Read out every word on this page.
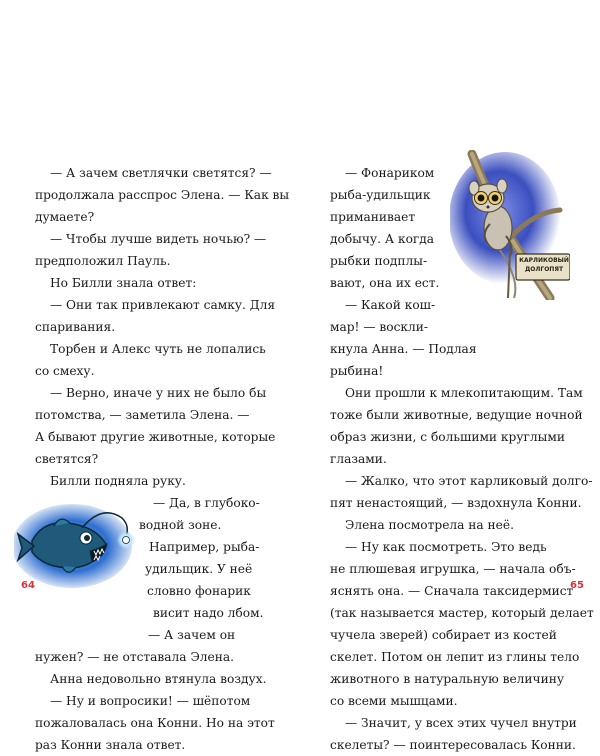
— А зачем светлячки светятся? —
продолжала расспрос Элена. — Как вы
думаете?
— Чтобы лучше видеть ночью? —
предположил Пауль.
Но Билли знала ответ:
— Они так привлекают самку. Для
спаривания.
Торбен и Алекс чуть не лопались
со смеху.
— Верно, иначе у них не было бы
потомства, — заметила Элена. —
А бывают другие животные, которые
светятся?
Билли подняла руку.
— Да, в глубоко-
водной зоне.
Например, рыба-
удильщик. У неё
словно фонарик
висит надо лбом.
— А зачем он
нужен? — не отставала Элена.
Анна недовольно втянула воздух.
— Ну и вопросики! — шёпотом
пожаловалась она Конни. Но на этот
раз Конни знала ответ.
64
— Фонариком
рыба-удильщик
приманивает
добычу. А когда
рыбки подплы-
вают, она их ест.
— Какой кош-
мар! — воскли-
кнула Анна. — Подлая
рыбина!
Они прошли к млекопитающим. Там
тоже были животные, ведущие ночной
образ жизни, с большими круглыми
глазами.
— Жалко, что этот карликовый долго-
пят ненастоящий, — вздохнула Конни.
Элена посмотрела на неё.
— Ну как посмотреть. Это ведь
не плюшевая игрушка, — начала объ-
яснять она. — Сначала таксидермист
(так называется мастер, который делает
чучела зверей) собирает из костей
скелет. Потом он лепит из глины тело
животного в натуральную величину
со всеми мышцами.
— Значит, у всех этих чучел внутри
скелеты? — поинтересовалась Конни.
КАРЛИКОВЫЙ
ДОЛГОПЯТ
65
